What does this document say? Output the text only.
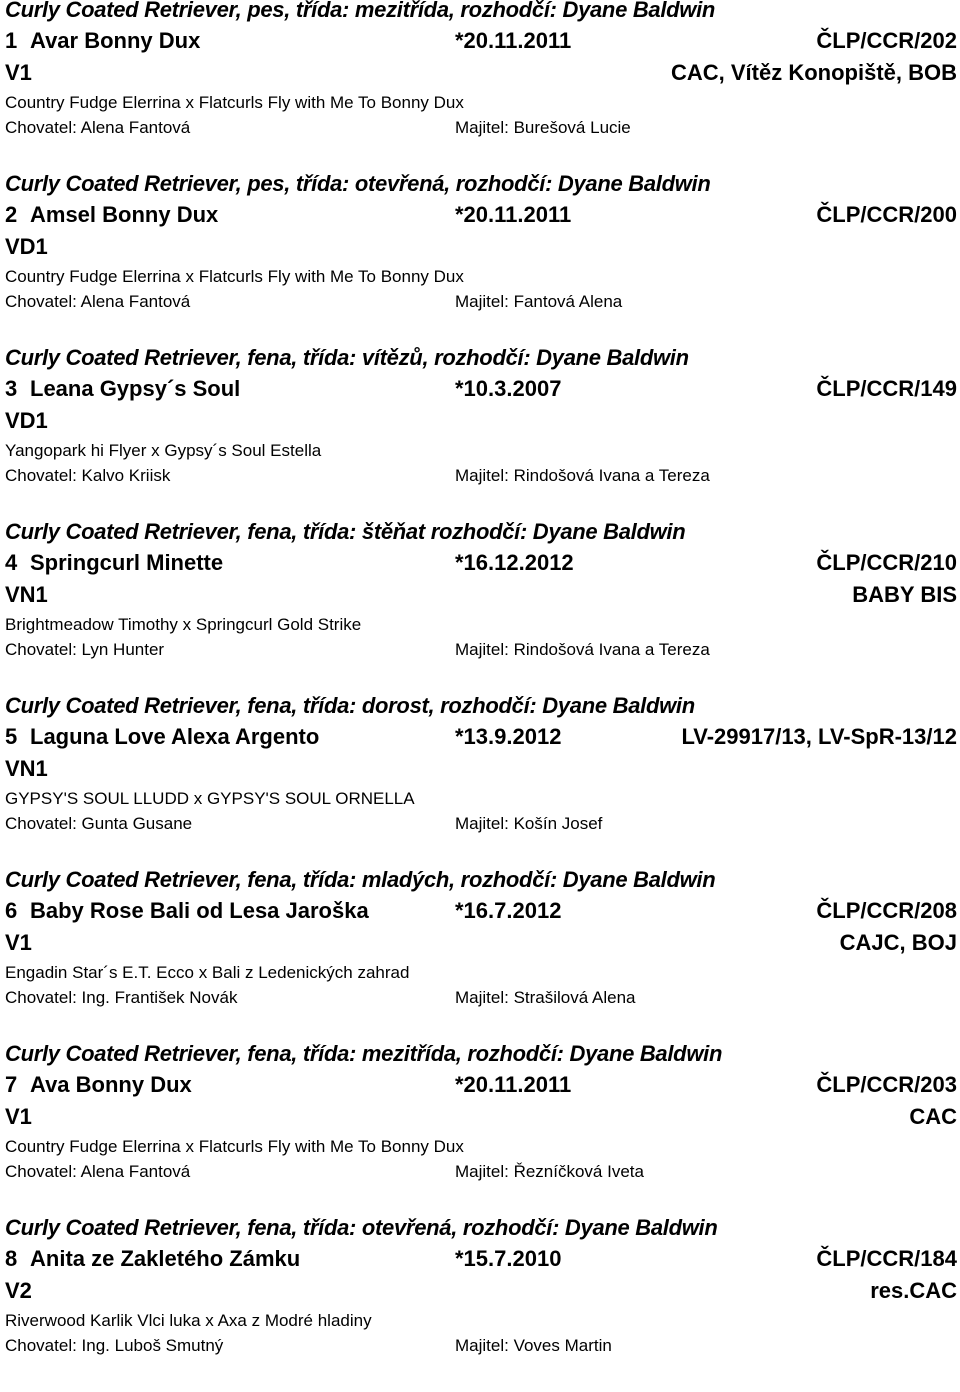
Curly Coated Retriever, pes, třída: mezitřída, rozhodčí: Dyane Baldwin
1 Avar Bonny Dux	*20.11.2011	ČLP/CCR/202
V1	CAC, Vítěz Konopiště, BOB
Country Fudge Elerrina x Flatcurls Fly with Me To Bonny Dux
Chovatel: Alena Fantová	Majitel: Burešová Lucie
Curly Coated Retriever, pes, třída: otevřená, rozhodčí: Dyane Baldwin
2 Amsel Bonny Dux	*20.11.2011	ČLP/CCR/200
VD1
Country Fudge Elerrina x Flatcurls Fly with Me To Bonny Dux
Chovatel: Alena Fantová	Majitel: Fantová Alena
Curly Coated Retriever, fena, třída: vítězů, rozhodčí: Dyane Baldwin
3 Leana Gypsy´s Soul	*10.3.2007	ČLP/CCR/149
VD1
Yangopark hi Flyer x Gypsy´s Soul Estella
Chovatel: Kalvo Kriisk	Majitel: Rindošová Ivana a Tereza
Curly Coated Retriever, fena, třída: štěňat rozhodčí: Dyane Baldwin
4 Springcurl Minette	*16.12.2012	ČLP/CCR/210
VN1	BABY BIS
Brightmeadow Timothy x Springcurl Gold Strike
Chovatel: Lyn Hunter	Majitel: Rindošová Ivana a Tereza
Curly Coated Retriever, fena, třída: dorost, rozhodčí: Dyane Baldwin
5 Laguna Love Alexa Argento	*13.9.2012	LV-29917/13, LV-SpR-13/12
VN1
GYPSY'S SOUL LLUDD x GYPSY'S SOUL ORNELLA
Chovatel: Gunta Gusane	Majitel: Košín Josef
Curly Coated Retriever, fena, třída: mladých, rozhodčí: Dyane Baldwin
6 Baby Rose Bali od Lesa Jaroška	*16.7.2012	ČLP/CCR/208
V1	CAJC, BOJ
Engadin Star´s E.T. Ecco x Bali z Ledenických zahrad
Chovatel: Ing. František Novák	Majitel: Strašilová Alena
Curly Coated Retriever, fena, třída: mezitřída, rozhodčí: Dyane Baldwin
7 Ava Bonny Dux	*20.11.2011	ČLP/CCR/203
V1	CAC
Country Fudge Elerrina x Flatcurls Fly with Me To Bonny Dux
Chovatel: Alena Fantová	Majitel: Řezníčková Iveta
Curly Coated Retriever, fena, třída: otevřená, rozhodčí: Dyane Baldwin
8 Anita ze Zakletého Zámku	*15.7.2010	ČLP/CCR/184
V2	res.CAC
Riverwood Karlik Vlci luka x Axa z Modré hladiny
Chovatel: Ing. Luboš Smutný	Majitel: Voves Martin
